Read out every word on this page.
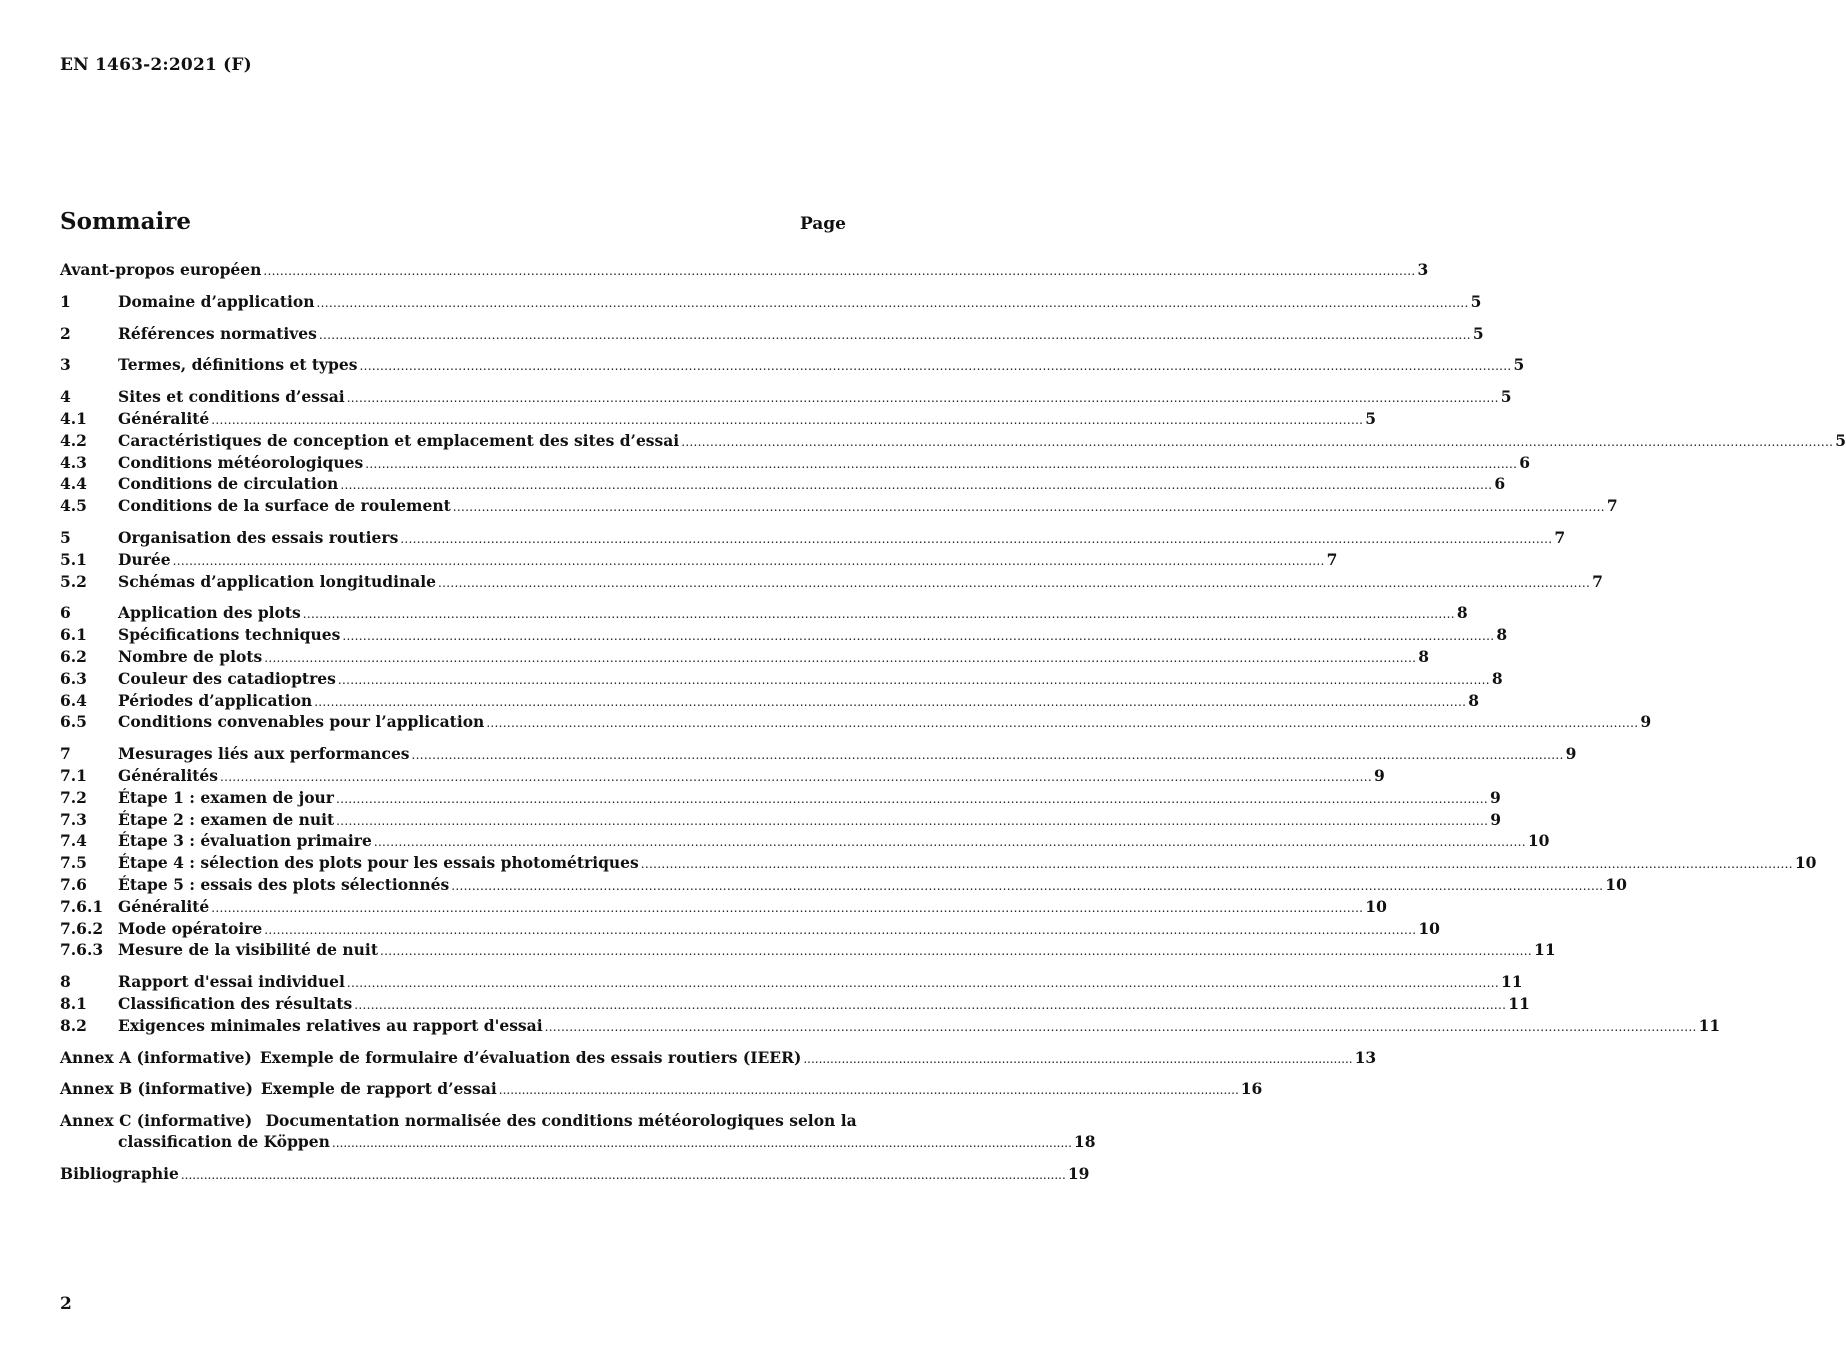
EN 1463-2:2021 (F)
Sommaire	Page
Avant-propos européen .....	3
1	Domaine d’application .....	5
2	Références normatives .....	5
3	Termes, définitions et types .....	5
4	Sites et conditions d’essai .....	5
4.1	Généralité .....	5
4.2	Caractéristiques de conception et emplacement des sites d’essai .....	5
4.3	Conditions météorologiques .....	6
4.4	Conditions de circulation .....	6
4.5	Conditions de la surface de roulement .....	7
5	Organisation des essais routiers .....	7
5.1	Durée .....	7
5.2	Schémas d’application longitudinale .....	7
6	Application des plots .....	8
6.1	Spécifications techniques .....	8
6.2	Nombre de plots .....	8
6.3	Couleur des catadioptres .....	8
6.4	Périodes d’application .....	8
6.5	Conditions convenables pour l’application .....	9
7	Mesurages liés aux performances .....	9
7.1	Généralités .....	9
7.2	Étape 1 : examen de jour .....	9
7.3	Étape 2 : examen de nuit .....	9
7.4	Étape 3 : évaluation primaire .....	10
7.5	Étape 4 : sélection des plots pour les essais photométriques .....	10
7.6	Étape 5 : essais des plots sélectionnés .....	10
7.6.1 Généralité .....	10
7.6.2 Mode opératoire .....	10
7.6.3 Mesure de la visibilité de nuit .....	11
8	Rapport d'essai individuel .....	11
8.1	Classification des résultats .....	11
8.2	Exigences minimales relatives au rapport d'essai .....	11
Annex A (informative) Exemple de formulaire d’évaluation des essais routiers (IEER) ................................................................................................................................................ 13
Annex B (informative) Exemple de rapport d’essai .................................................................................................................................................................................................. 16
Annex C (informative) Documentation normalisée des conditions météorologiques selon la
classification de Köppen .................................................................................................................................................................................................. 18
Bibliographie ........................................................................................................................................................................................................................................ 19
2
